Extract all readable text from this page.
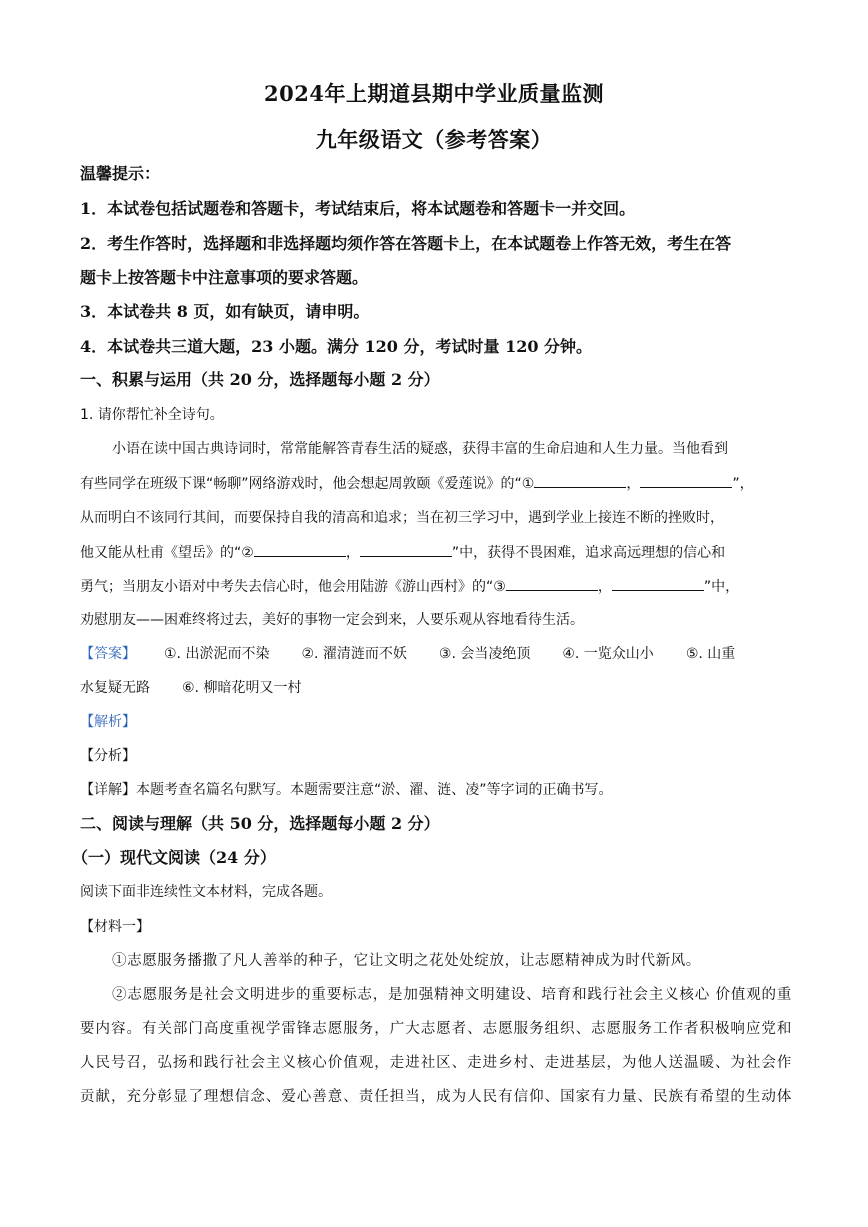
2024年上期道县期中学业质量监测
九年级语文（参考答案）
温馨提示：
1．本试卷包括试题卷和答题卡，考试结束后，将本试题卷和答题卡一并交回。
2．考生作答时，选择题和非选择题均须作答在答题卡上，在本试题卷上作答无效，考生在答
题卡上按答题卡中注意事项的要求答题。
3．本试卷共 8 页，如有缺页，请申明。
4．本试卷共三道大题，23 小题。满分 120 分，考试时量 120 分钟。
一、积累与运用（共 20 分，选择题每小题 2 分）
1. 请你帮忙补全诗句。
小语在读中国古典诗词时，常常能解答青春生活的疑惑，获得丰富的生命启迪和人生力量。当他看到
有些同学在班级下课“畅聊”网络游戏时，他会想起周敦颐《爱莲说》的“①	，	”，
从而明白不该同行其间，而要保持自我的清高和追求；当在初三学习中，遇到学业上接连不断的挫败时，
他又能从杜甫《望岳》的“②	，	”中，获得不畏困难，追求高远理想的信心和
勇气；当朋友小语对中考失去信心时，他会用陆游《游山西村》的“③	，	”中，
劝慰朋友——困难终将过去，美好的事物一定会到来，人要乐观从容地看待生活。
【答案】 ①. 出淤泥而不染 ②. 濯清涟而不妖 ③. 会当凌绝顶 ④. 一览众山小 ⑤. 山重
水复疑无路 ⑥. 柳暗花明又一村
【解析】
【分析】
【详解】本题考查名篇名句默写。本题需要注意“淤、濯、涟、凌”等字词的正确书写。
二、阅读与理解（共 50 分，选择题每小题 2 分）
（一）现代文阅读（24 分）
阅读下面非连续性文本材料，完成各题。
【材料一】
①志愿服务播撒了凡人善举的种子，它让文明之花处处绽放，让志愿精神成为时代新风。
②志愿服务是社会文明进步的重要标志，是加强精神文明建设、培育和践行社会主义核心 价值观的重
要内容。有关部门高度重视学雷锋志愿服务，广大志愿者、志愿服务组织、志愿服务工作者积极响应党和
人民号召，弘扬和践行社会主义核心价值观，走进社区、走进乡村、走进基层，为他人送温暖、为社会作
贡献，充分彰显了理想信念、爱心善意、责任担当，成为人民有信仰、国家有力量、民族有希望的生动体
